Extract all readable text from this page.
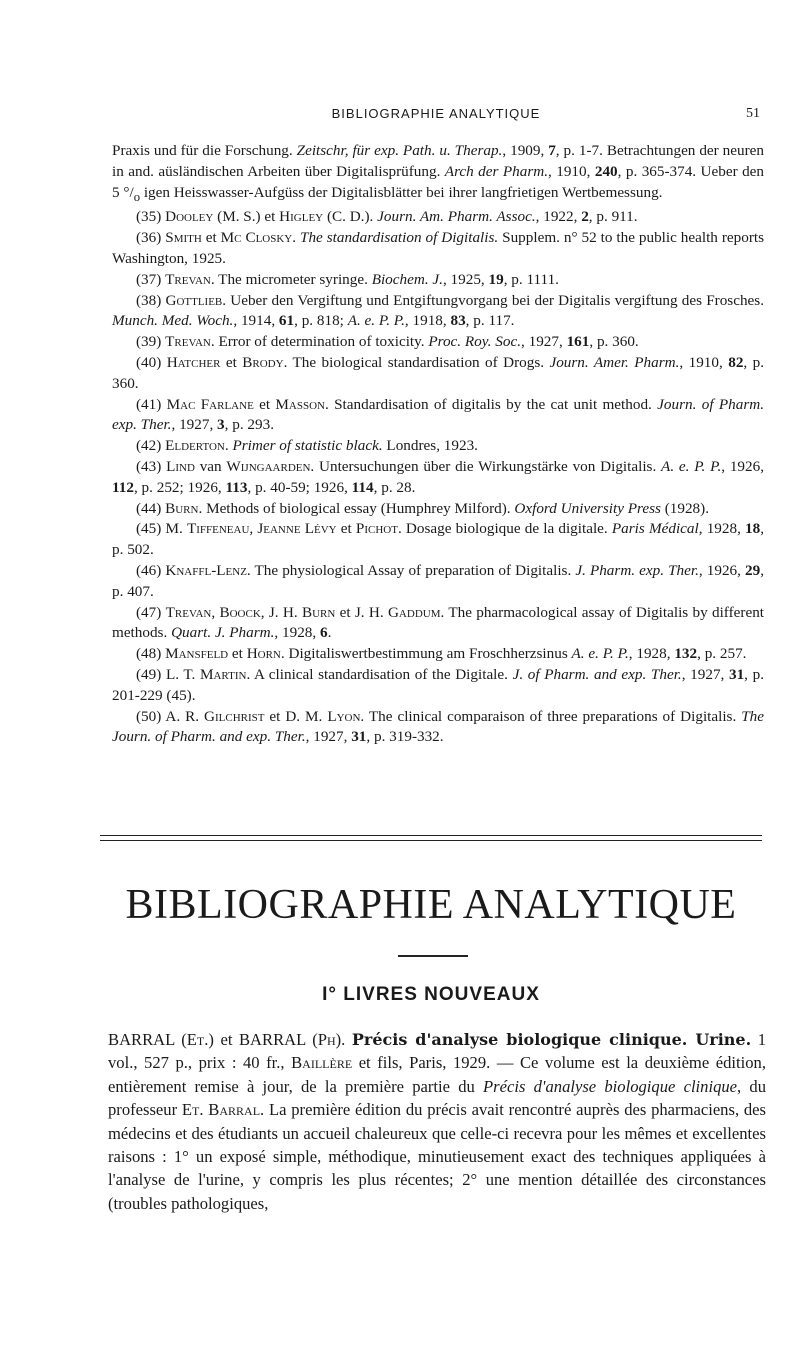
BIBLIOGRAPHIE ANALYTIQUE	51

Praxis und für die Forschung. Zeitschr, für exp. Path. u. Therap., 1909, 7, p. 1-7. Betrachtungen der neuren in and. aüsländischen Arbeiten über Digitalisprüfung. Arch der Pharm., 1910, 240, p. 365-374. Ueber den 5 $^\circ/_o$ igen Heisswasser-Aufgüss der Digitalisblätter bei ihrer langfrietigen Wertbemessung.

(35) Dooley (M. S.) et Higley (C. D.). Journ. Am. Pharm. Assoc., 1922, 2, p. 911.

(36) Smith et Mc Closky. The standardisation of Digitalis. Supplem. n° 52 to the public health reports Washington, 1925.

(37) Trevan. The micrometer syringe. Biochem. J., 1925, 19, p. 1111.

(38) Gottlieb. Ueber den Vergiftung und Entgiftungvorgang bei der Digitalis vergiftung des Frosches. Munch. Med. Woch., 1914, 61, p. 818; A. e. P. P., 1918, 83, p. 117.

(39) Trevan. Error of determination of toxicity. Proc. Roy. Soc., 1927, 161, p. 360.

(40) Hatcher et Brody. The biological standardisation of Drogs. Journ. Amer. Pharm., 1910, 82, p. 360.

(41) Mac Farlane et Masson. Standardisation of digitalis by the cat unit method. Journ. of Pharm. exp. Ther., 1927, 3, p. 293.

(42) Elderton. Primer of statistic black. Londres, 1923.

(43) Lind van Wijngaarden. Untersuchungen über die Wirkungstärke von Digitalis. A. e. P. P., 1926, 112, p. 252; 1926, 113, p. 40-59; 1926, 114, p. 28.

(44) Burn. Methods of biological essay (Humphrey Milford). Oxford University Press (1928).

(45) M. Tiffeneau, Jeanne Lévy et Pichot. Dosage biologique de la digitale. Paris Médical, 1928, 18, p. 502.

(46) Knaffl-Lenz. The physiological Assay of preparation of Digitalis. J. Pharm. exp. Ther., 1926, 29, p. 407.

(47) Trevan, Boock, J. H. Burn et J. H. Gaddum. The pharmacological assay of Digitalis by different methods. Quart. J. Pharm., 1928, 6.

(48) Mansfeld et Horn. Digitaliswertbestimmung am Froschherzsinus A. e. P. P., 1928, 132, p. 257.

(49) L. T. Martin. A clinical standardisation of the Digitale. J. of Pharm. and exp. Ther., 1927, 31, p. 201-229 (45).

(50) A. R. Gilchrist et D. M. Lyon. The clinical comparaison of three preparations of Digitalis. The Journ. of Pharm. and exp. Ther., 1927, 31, p. 319-332.

BIBLIOGRAPHIE ANALYTIQUE
I° LIVRES NOUVEAUX
BARRAL (Et.) et BARRAL (Ph). Précis d'analyse biologique clinique. Urine. 1 vol., 527 p., prix : 40 fr., Baillère et fils, Paris, 1929. — Ce volume est la deuxième édition, entièrement remise à jour, de la première partie du Précis d'analyse biologique clinique, du professeur Et. Barral. La première édition du précis avait rencontré auprès des pharmaciens, des médecins et des étudiants un accueil chaleureux que celle-ci recevra pour les mêmes et excellentes raisons : 1° un exposé simple, méthodique, minutieusement exact des techniques appliquées à l'analyse de l'urine, y compris les plus récentes; 2° une mention détaillée des circonstances (troubles pathologiques,
